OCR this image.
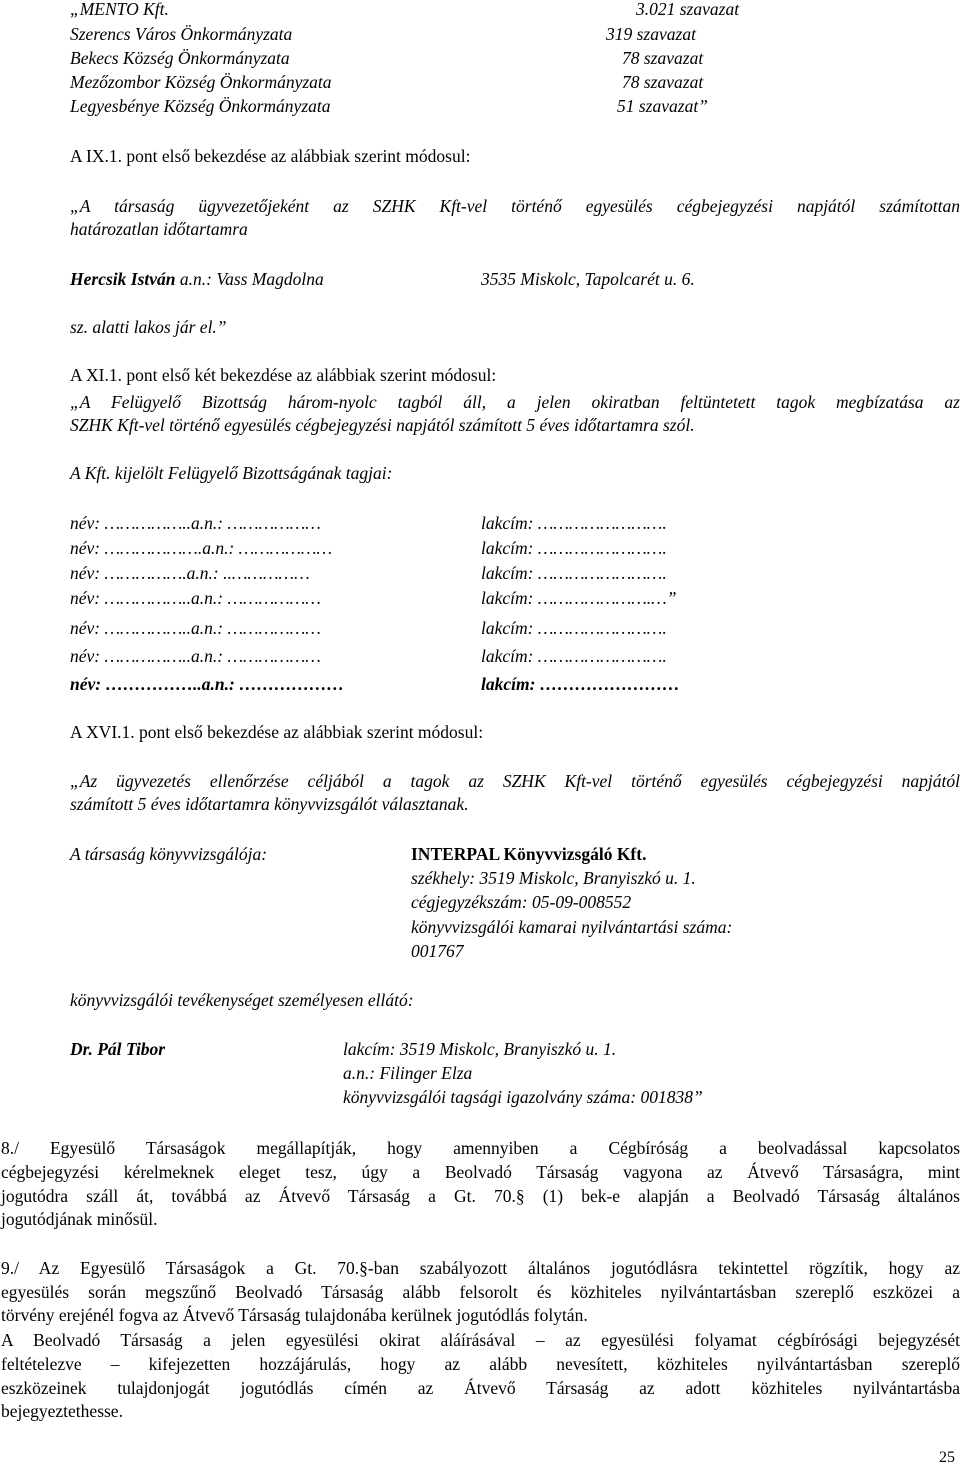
„MENTO Kft.	3.021 szavazat
Szerencs Város Önkormányzata	319 szavazat
Bekecs Község Önkormányzata	78 szavazat
Mezőzombor Község Önkormányzata	78 szavazat
Legyesbénye Község Önkormányzata	51 szavazat”
A IX.1. pont első bekezdése az alábbiak szerint módosul:
„A társaság ügyvezetőjeként az SZHK Kft-vel történő egyesülés cégbejegyzési napjától számítottan
határozatlan időtartamra
Hercsik István a.n.: Vass Magdolna	3535 Miskolc, Tapolcarét u. 6.
sz. alatti lakos jár el.”
A XI.1. pont első két bekezdése az alábbiak szerint módosul:
„A Felügyelő Bizottság három-nyolc tagból áll, a jelen okiratban feltüntetett tagok megbízatása az
SZHK Kft-vel történő egyesülés cégbejegyzési napjától számított 5 éves időtartamra szól.
A Kft. kijelölt Felügyelő Bizottságának tagjai:
név: ……………..a.n.: ………………	lakcím: …………………….
név: ……………….a.n.: ………………	lakcím: …………………….
név: …………….a.n.: ..……………	lakcím: …………………….
név: ……………..a.n.: ………………	lakcím: ………………….…”
név: ……………..a.n.: ………………	lakcím: …………………….
név: ……………..a.n.: ………………	lakcím: …………………….
név: ……………..a.n.: ………………	lakcím: ……………………
A XVI.1. pont első bekezdése az alábbiak szerint módosul:
„Az ügyvezetés ellenőrzése céljából a tagok az SZHK Kft-vel történő egyesülés cégbejegyzési napjától
számított 5 éves időtartamra könyvvizsgálót választanak.
A társaság könyvvizsgálója:	INTERPAL Könyvvizsgáló Kft.
székhely: 3519 Miskolc, Branyiszkó u. 1.
cégjegyzékszám: 05-09-008552
könyvvizsgálói kamarai nyilvántartási száma:
001767
könyvvizsgálói tevékenységet személyesen ellátó:
Dr. Pál Tibor	lakcím: 3519 Miskolc, Branyiszkó u. 1.
a.n.: Filinger Elza
könyvvizsgálói tagsági igazolvány száma: 001838”
8./ Egyesülő Társaságok megállapítják, hogy amennyiben a Cégbíróság a beolvadással kapcsolatos
cégbejegyzési kérelmeknek eleget tesz, úgy a Beolvadó Társaság vagyona az Átvevő Társaságra, mint
jogutódra száll át, továbbá az Átvevő Társaság a Gt. 70.§ (1) bek-e alapján a Beolvadó Társaság általános
jogutódjának minősül.
9./ Az Egyesülő Társaságok a Gt. 70.§-ban szabályozott általános jogutódlásra tekintettel rögzítik, hogy az
egyesülés során megszűnő Beolvadó Társaság alább felsorolt és közhiteles nyilvántartásban szereplő eszközei a
törvény erejénél fogva az Átvevő Társaság tulajdonába kerülnek jogutódlás folytán.
A Beolvadó Társaság a jelen egyesülési okirat aláírásával – az egyesülési folyamat cégbírósági bejegyzését
feltételezve – kifejezetten hozzájárulás, hogy az alább nevesített, közhiteles nyilvántartásban szereplő
eszközeinek tulajdonjogát jogutódlás címén az Átvevő Társaság az adott közhiteles nyilvántartásba
bejegyeztethesse.
25
